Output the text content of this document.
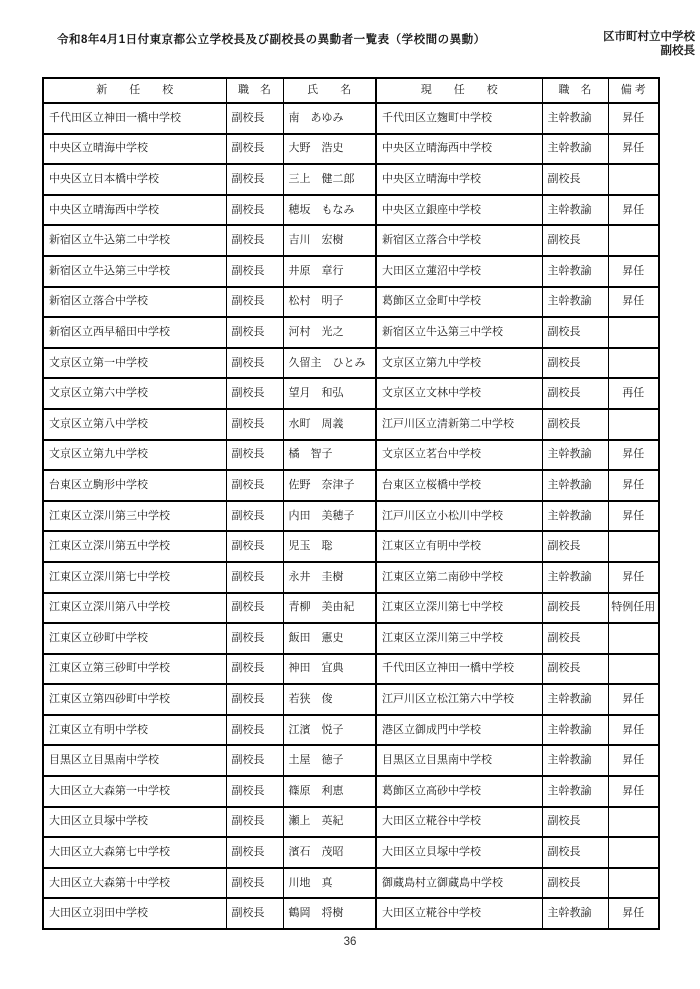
令和8年4月1日付東京都公立学校長及び副校長の異動者一覧表（学校間の異動）	区市町村立中学校
副校長
新　　任　　校	職　名	氏　　名	現　　任　　校	職　名	備 考
千代田区立神田一橋中学校	副校長	南　あゆみ	千代田区立麹町中学校	主幹教諭	昇任
中央区立晴海中学校	副校長	大野　浩史	中央区立晴海西中学校	主幹教諭	昇任
中央区立日本橋中学校	副校長	三上　健二郎	中央区立晴海中学校	副校長	
中央区立晴海西中学校	副校長	穂坂　もなみ	中央区立銀座中学校	主幹教諭	昇任
新宿区立牛込第二中学校	副校長	吉川　宏樹	新宿区立落合中学校	副校長	
新宿区立牛込第三中学校	副校長	井原　章行	大田区立蓮沼中学校	主幹教諭	昇任
新宿区立落合中学校	副校長	松村　明子	葛飾区立金町中学校	主幹教諭	昇任
新宿区立西早稲田中学校	副校長	河村　光之	新宿区立牛込第三中学校	副校長	
文京区立第一中学校	副校長	久留主　ひとみ	文京区立第九中学校	副校長	
文京区立第六中学校	副校長	望月　和弘	文京区立文林中学校	副校長	再任
文京区立第八中学校	副校長	水町　周義	江戸川区立清新第二中学校	副校長	
文京区立第九中学校	副校長	橘　智子	文京区立茗台中学校	主幹教諭	昇任
台東区立駒形中学校	副校長	佐野　奈津子	台東区立桜橋中学校	主幹教諭	昇任
江東区立深川第三中学校	副校長	内田　美穂子	江戸川区立小松川中学校	主幹教諭	昇任
江東区立深川第五中学校	副校長	児玉　聡	江東区立有明中学校	副校長	
江東区立深川第七中学校	副校長	永井　圭樹	江東区立第二南砂中学校	主幹教諭	昇任
江東区立深川第八中学校	副校長	青柳　美由紀	江東区立深川第七中学校	副校長	特例任用
江東区立砂町中学校	副校長	飯田　憲史	江東区立深川第三中学校	副校長	
江東区立第三砂町中学校	副校長	神田　宜典	千代田区立神田一橋中学校	副校長	
江東区立第四砂町中学校	副校長	若狭　俊	江戸川区立松江第六中学校	主幹教諭	昇任
江東区立有明中学校	副校長	江濱　悦子	港区立御成門中学校	主幹教諭	昇任
目黒区立目黒南中学校	副校長	土屋　徳子	目黒区立目黒南中学校	主幹教諭	昇任
大田区立大森第一中学校	副校長	篠原　利恵	葛飾区立高砂中学校	主幹教諭	昇任
大田区立貝塚中学校	副校長	瀬上　英紀	大田区立糀谷中学校	副校長	
大田区立大森第七中学校	副校長	濱石　茂昭	大田区立貝塚中学校	副校長	
大田区立大森第十中学校	副校長	川地　真	御蔵島村立御蔵島中学校	副校長	
大田区立羽田中学校	副校長	鶴岡　将樹	大田区立糀谷中学校	主幹教諭	昇任
36
